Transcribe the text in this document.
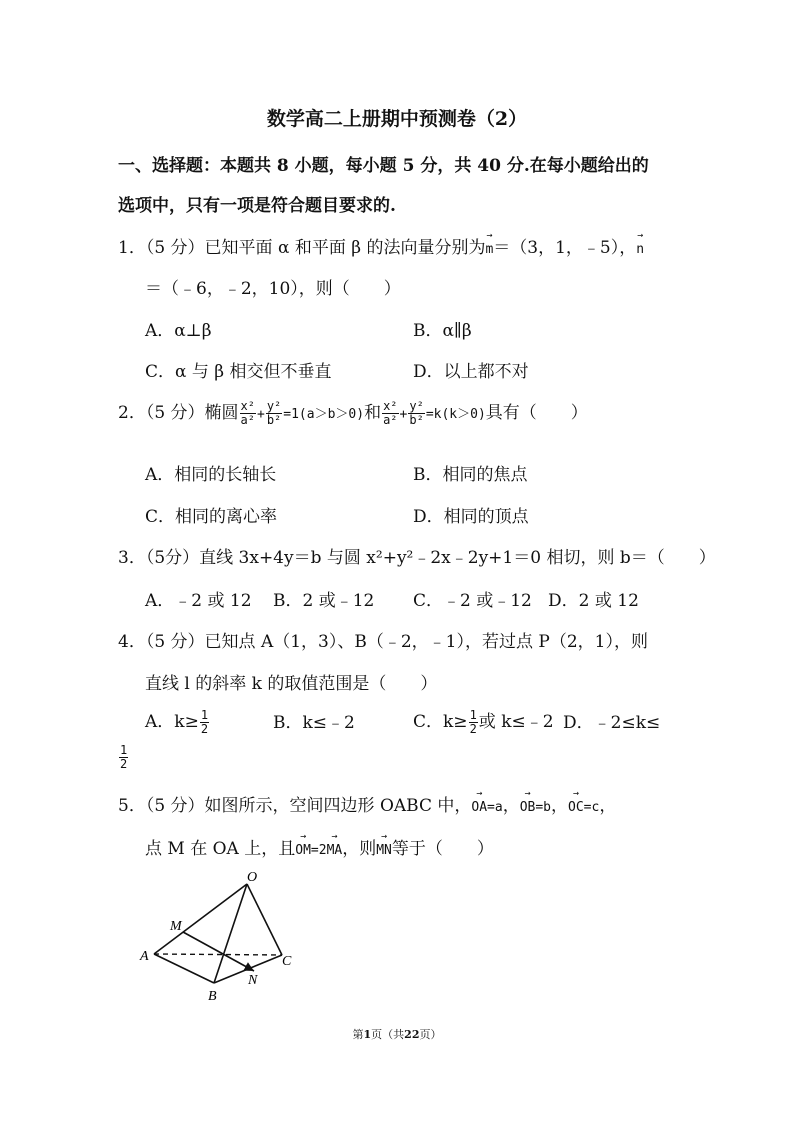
数学高二上册期中预测卷（2）
一、选择题：本题共 8 小题，每小题 5 分，共 40 分.在每小题给出的
选项中，只有一项是符合题目要求的.
1．（5 分）已知平面 α 和平面 β 的法向量分别为→ m＝（3，1，﹣5），→ n
＝（﹣6，﹣2，10），则（　　）
A．α⊥β	B．α∥β
C．α 与 β 相交但不垂直	D．以上都不对
2．（5 分）椭圆 $\frac{\text{x²}}{\text{a²}} + \frac{\text{y²}}{\text{b²}} =1(a>b>0)$和 $\frac{\text{x²}}{\text{a²}} + \frac{\text{y²}}{\text{b²}} =k(k>0)$具有（　　）
A．相同的长轴长	B．相同的焦点
C．相同的离心率	D．相同的顶点
3．（5分）直线 3x+4y＝b 与圆 x²+y²﹣2x﹣2y+1＝0 相切，则 b＝（　　）
A．﹣2 或 12 B．2 或﹣12 C．﹣2 或﹣12 D．2 或 12
4．（5 分）已知点 A（1，3）、B（﹣2，﹣1），若过点 P（2，1），则
直线 l 的斜率 k 的取值范围是（　　）
A．$k\ge \frac{1}{2}$	B．k≤﹣2	C．$k\ge \frac{1}{2}$ 或 k≤﹣2 D．﹣2≤k≤
$\frac{1}{2}$
5．（5 分）如图所示，空间四边形 OABC 中，→ OA=a，→ OB=b，→ OC=c，
点 M 在 OA 上，且→ OM=2→ MA，则→ MN等于（　　）
O
M
A	C
N
B
第1页（共22页）
